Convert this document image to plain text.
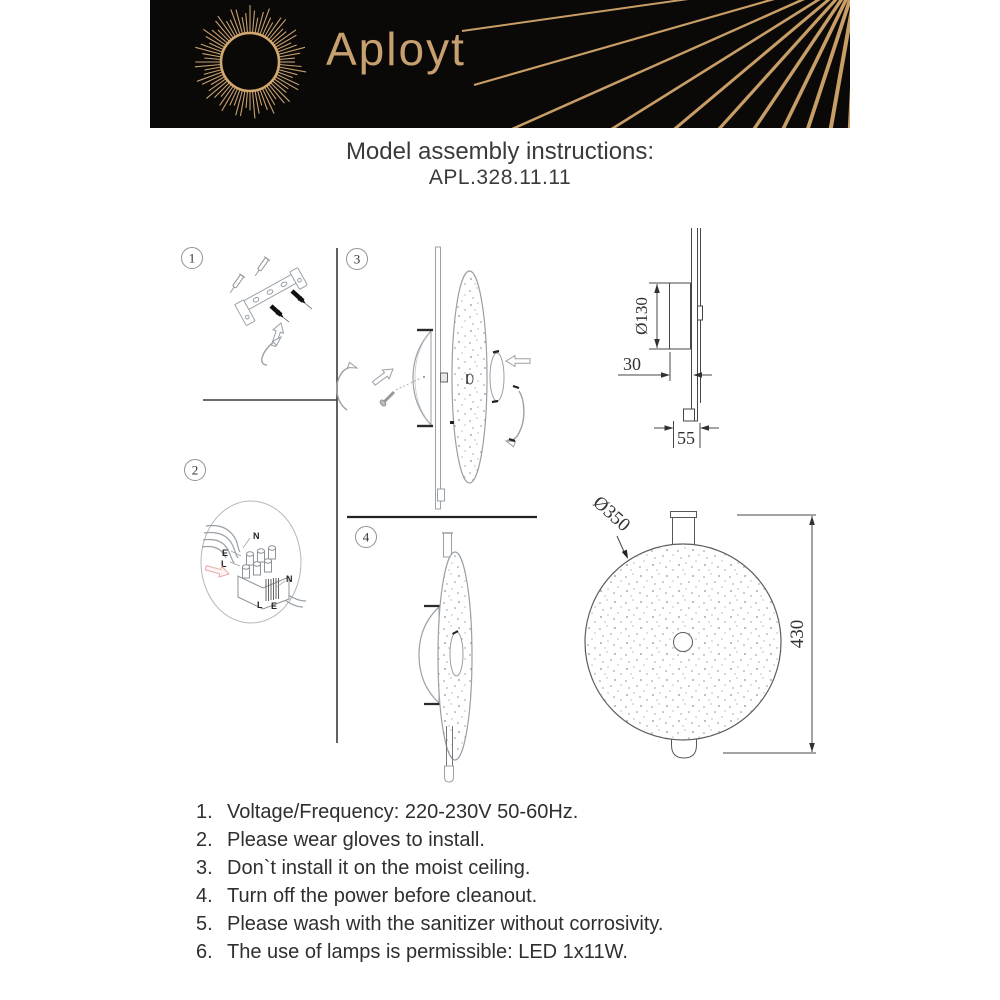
Aployt
Model assembly instructions:
APL.328.11.11
1
2
3
4
N
E
L
N
L E
Ø130
30
55
430
Ø350
1. Voltage/Frequency: 220-230V 50-60Hz.
2. Please wear gloves to install.
3. Don`t install it on the moist ceiling.
4. Turn off the power before cleanout.
5. Please wash with the sanitizer without corrosivity.
6. The use of lamps is permissible: LED 1x11W.
